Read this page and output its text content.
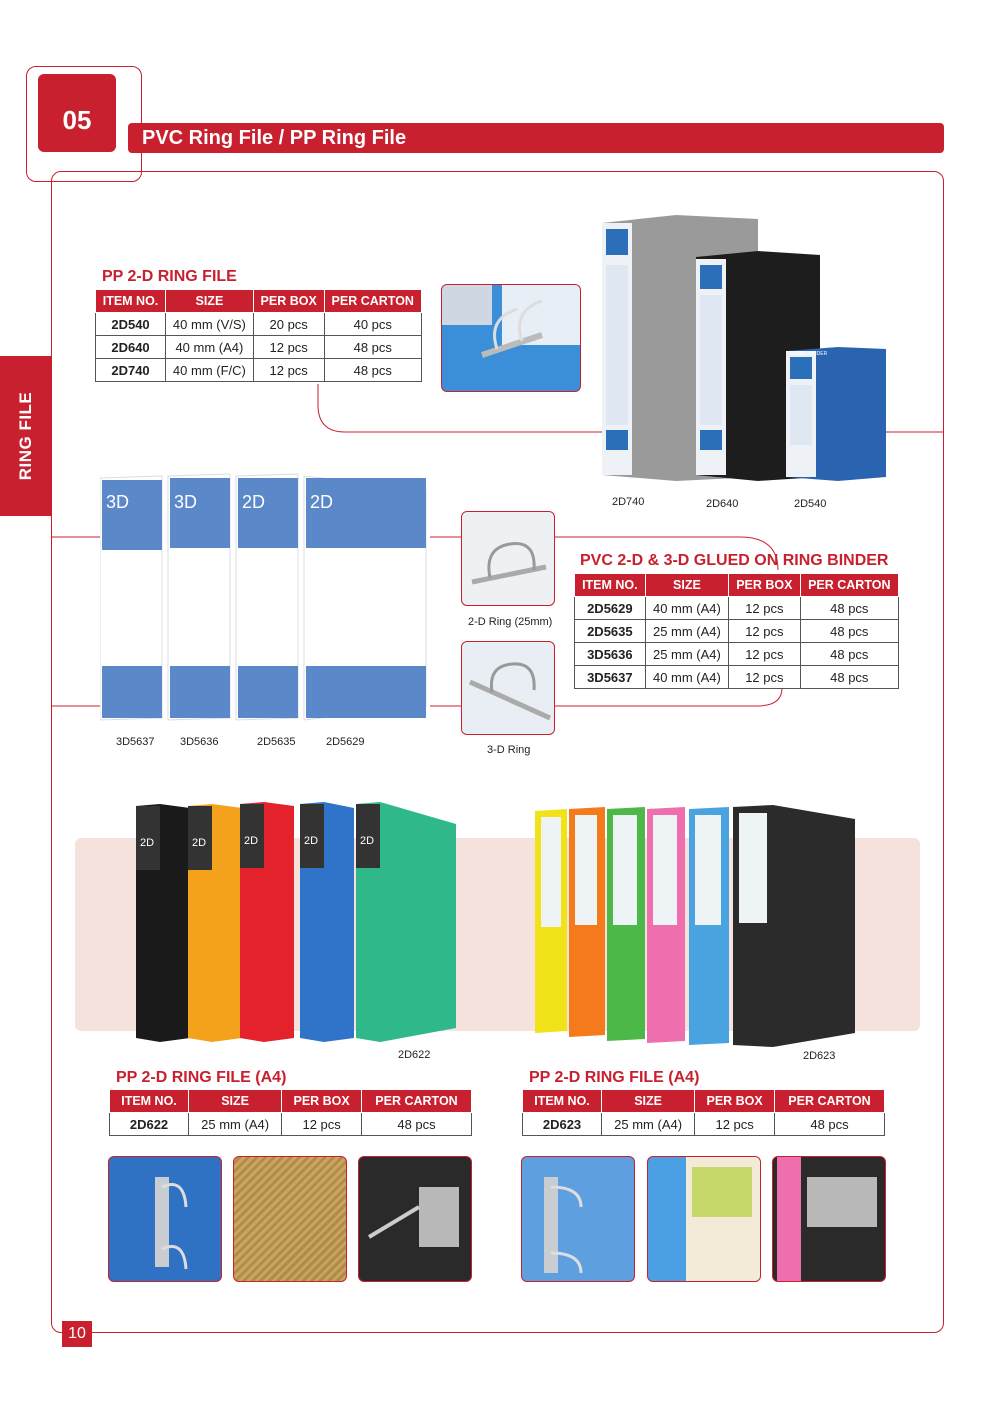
05
PVC Ring File / PP Ring File
RING FILE
10
PP 2-D RING FILE
ITEM NO.	SIZE	PER BOX	PER CARTON
2D540	40 mm (V/S)	20 pcs	40 pcs
2D640	40 mm (A4)	12 pcs	48 pcs
2D740	40 mm (F/C)	12 pcs	48 pcs
2-RING BINDER
2D740	2D640	2D540
3D 3D 2D 2D
3D5637 3D5636	2D5635	2D5629
2-D Ring (25mm)
3-D Ring
PVC 2-D & 3-D GLUED ON RING BINDER
ITEM NO.	SIZE	PER BOX	PER CARTON
2D5629	40 mm (A4)	12 pcs	48 pcs
2D5635	25 mm (A4)	12 pcs	48 pcs
3D5636	25 mm (A4)	12 pcs	48 pcs
3D5637	40 mm (A4)	12 pcs	48 pcs
2D	2D	2D	2D	2D
2D622	2D623
PP 2-D RING FILE (A4)
ITEM NO.	SIZE	PER BOX	PER CARTON
2D622	25 mm (A4)	12 pcs	48 pcs
PP 2-D RING FILE (A4)
ITEM NO.	SIZE	PER BOX	PER CARTON
2D623	25 mm (A4)	12 pcs	48 pcs
